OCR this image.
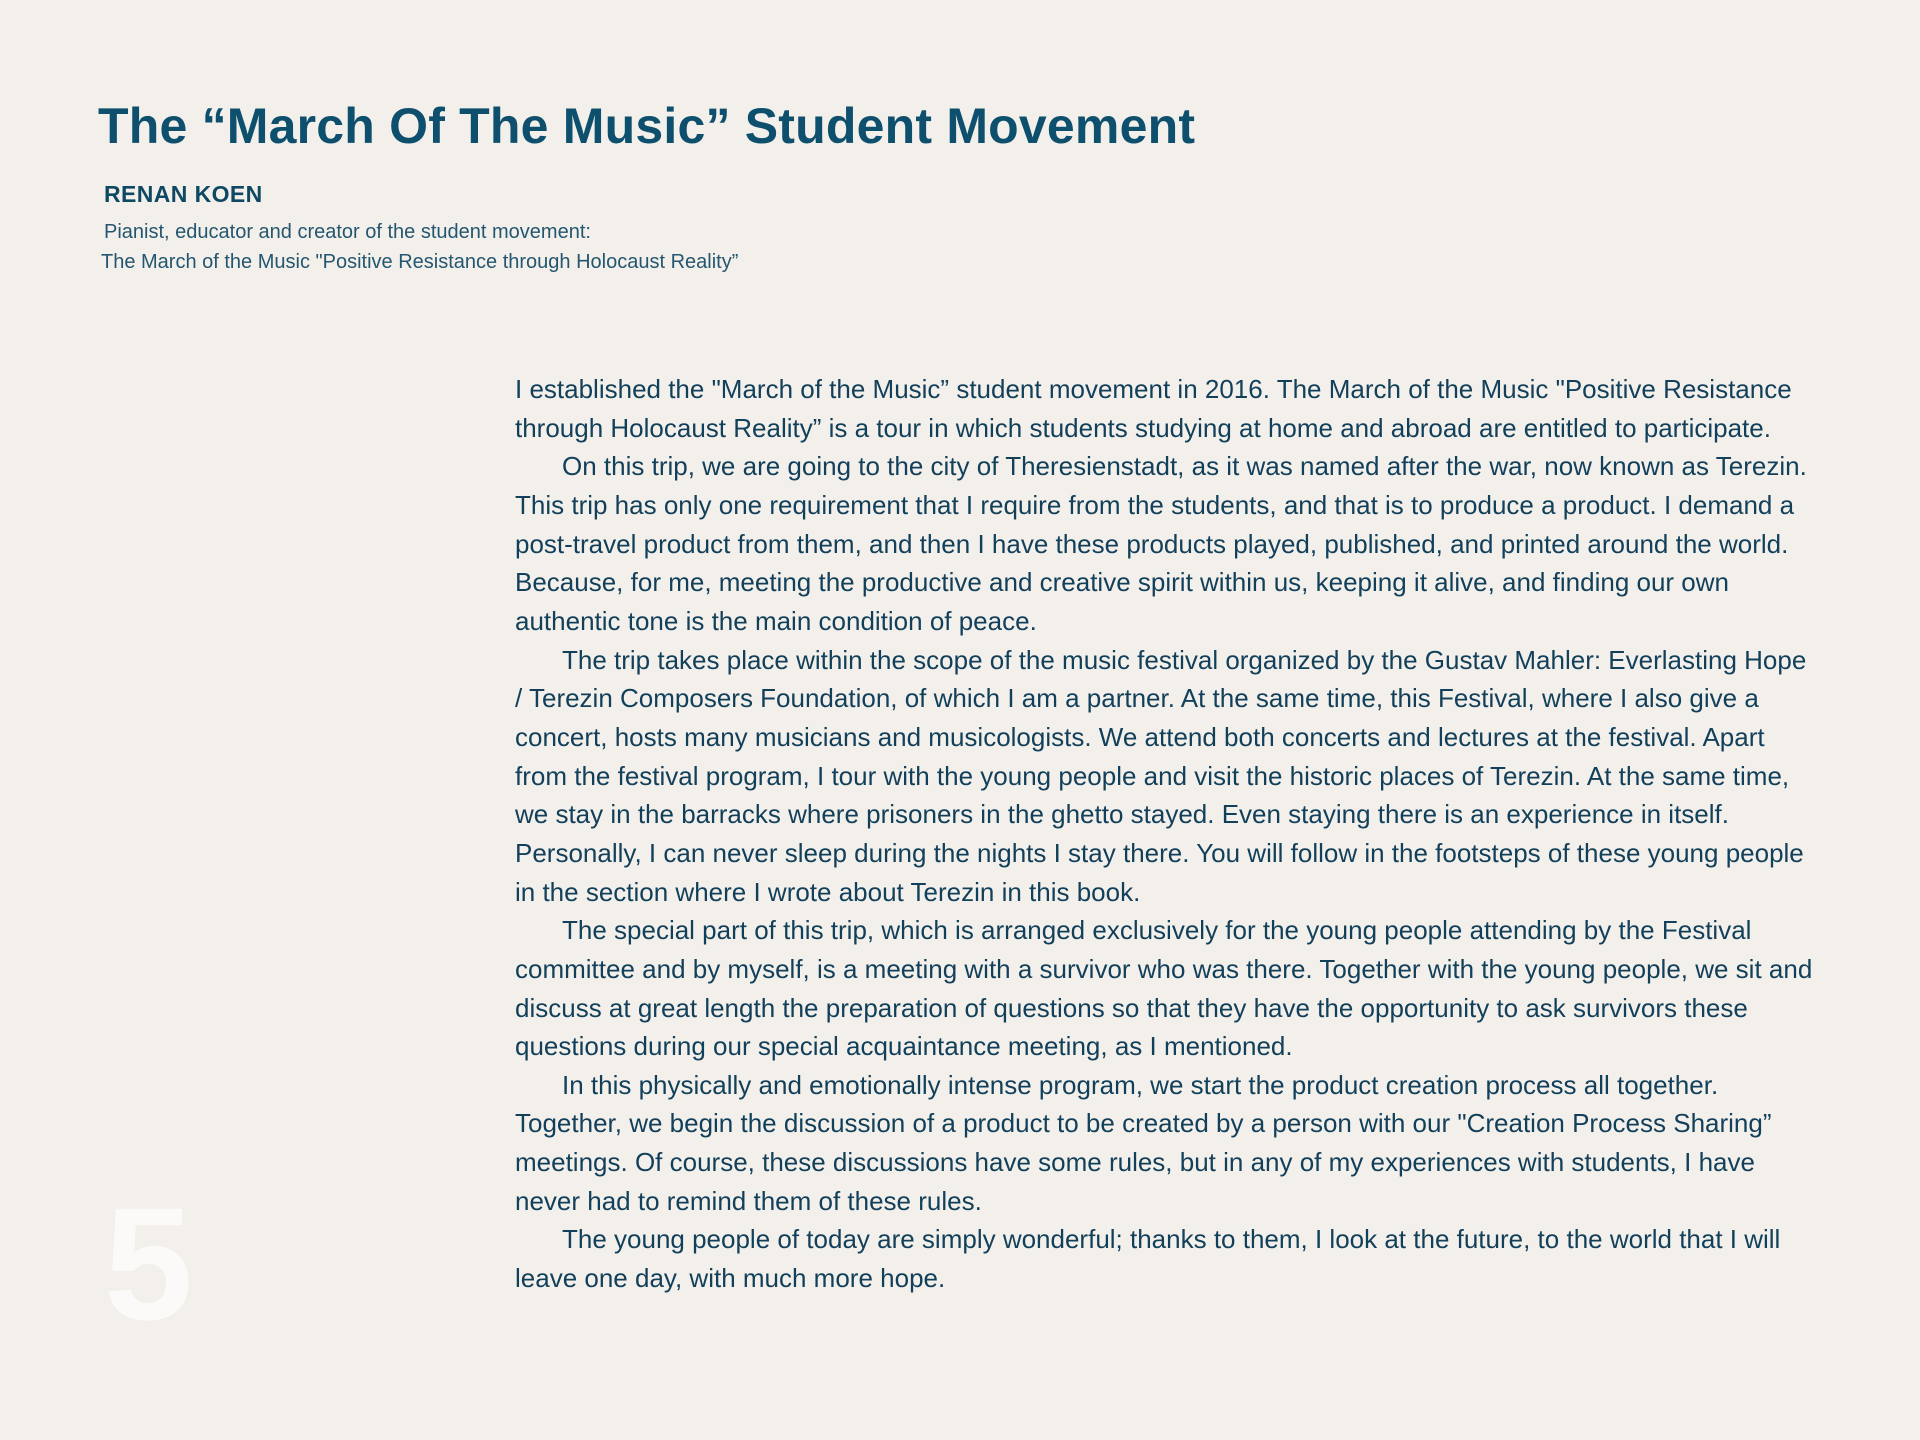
The “March Of The Music” Student Movement
RENAN KOEN
Pianist, educator and creator of the student movement:
The March of the Music "Positive Resistance through Holocaust Reality”

I established the "March of the Music” student movement in 2016. The March of the Music "Positive Resistance through Holocaust Reality” is a tour in which students studying at home and abroad are entitled to participate.

On this trip, we are going to the city of Theresienstadt, as it was named after the war, now known as Terezin. This trip has only one requirement that I require from the students, and that is to produce a product. I demand a post-travel product from them, and then I have these products played, published, and printed around the world. Because, for me, meeting the productive and creative spirit within us, keeping it alive, and finding our own authentic tone is the main condition of peace.

The trip takes place within the scope of the music festival organized by the Gustav Mahler: Everlasting Hope / Terezin Composers Foundation, of which I am a partner. At the same time, this Festival, where I also give a concert, hosts many musicians and musicologists. We attend both concerts and lectures at the festival. Apart from the festival program, I tour with the young people and visit the historic places of Terezin. At the same time, we stay in the barracks where prisoners in the ghetto stayed. Even staying there is an experience in itself. Personally, I can never sleep during the nights I stay there. You will follow in the footsteps of these young people in the section where I wrote about Terezin in this book.

The special part of this trip, which is arranged exclusively for the young people attending by the Festival committee and by myself, is a meeting with a survivor who was there. Together with the young people, we sit and discuss at great length the preparation of questions so that they have the opportunity to ask survivors these questions during our special acquaintance meeting, as I mentioned.

In this physically and emotionally intense program, we start the product creation process all together. Together, we begin the discussion of a product to be created by a person with our "Creation Process Sharing” meetings. Of course, these discussions have some rules, but in any of my experiences with students, I have never had to remind them of these rules.

The young people of today are simply wonderful; thanks to them, I look at the future, to the world that I will leave one day, with much more hope.

5
